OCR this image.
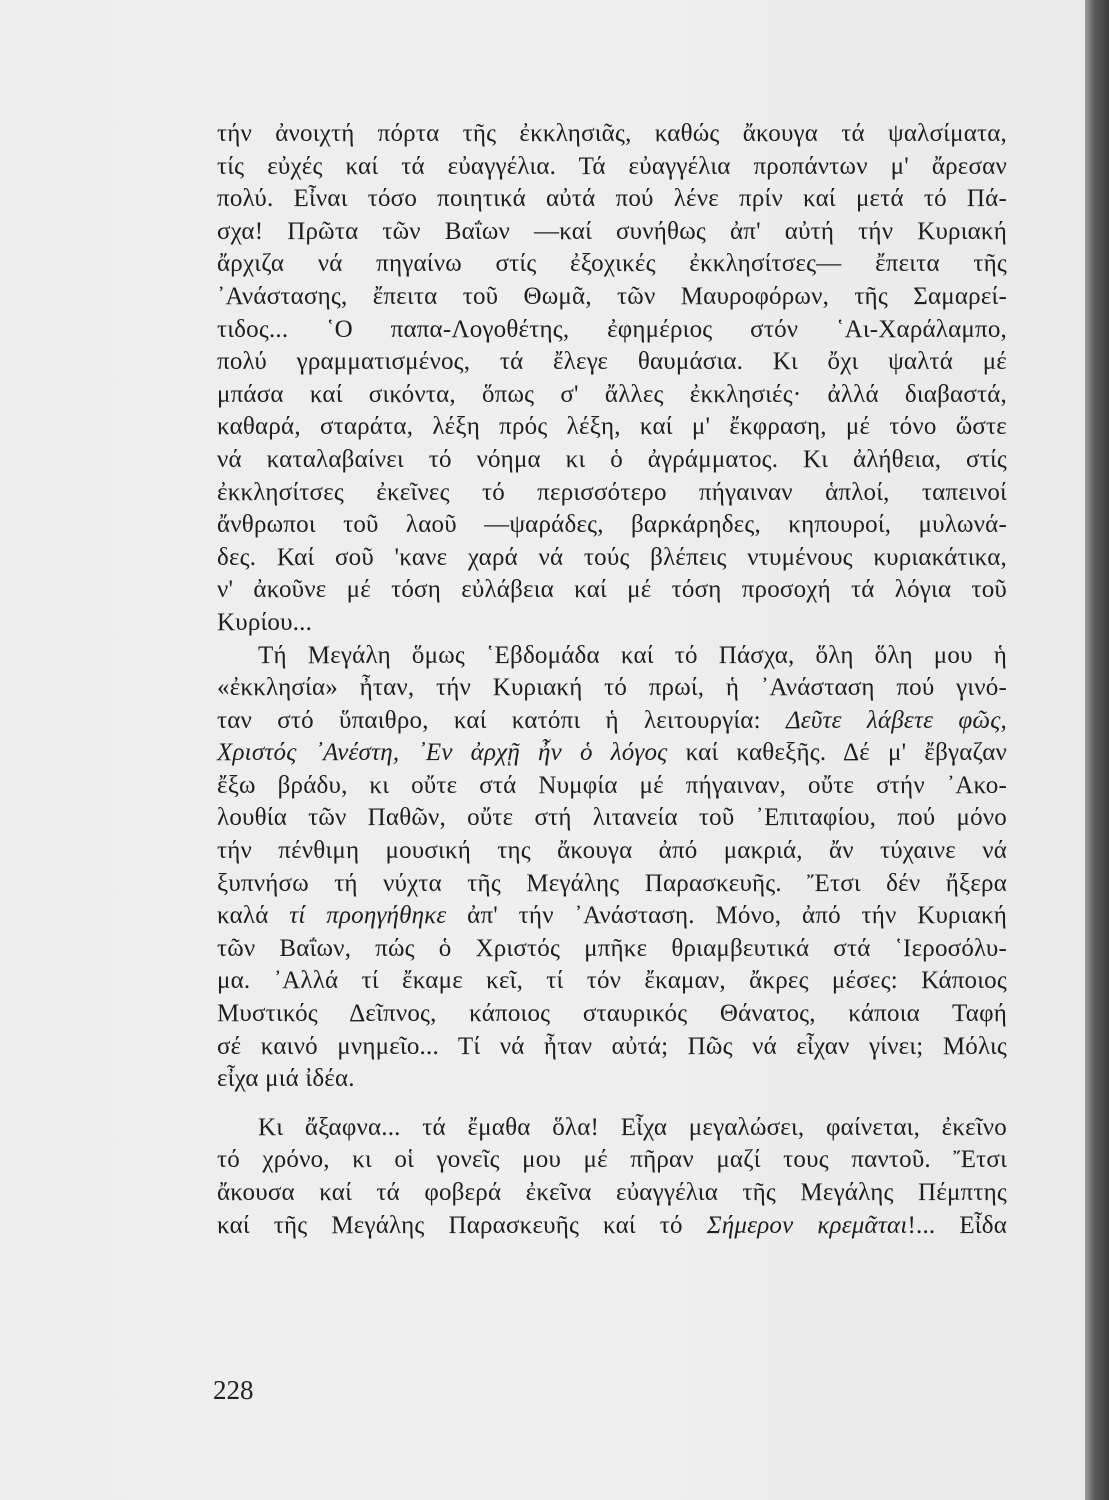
τήν ἀνοιχτή πόρτα τῆς ἐκκλησιᾶς, καθώς ἄκουγα τά ψαλσίματα,
τίς εὐχές καί τά εὐαγγέλια. Τά εὐαγγέλια προπάντων μ' ἄρεσαν
πολύ. Εἶναι τόσο ποιητικά αὐτά πού λένε πρίν καί μετά τό Πά-
σχα! Πρῶτα τῶν Βαΐων —καί συνήθως ἀπ' αὐτή τήν Κυριακή
ἄρχιζα νά πηγαίνω στίς ἐξοχικές ἐκκλησίτσες— ἔπειτα τῆς
᾽Ανάστασης, ἔπειτα τοῦ Θωμᾶ, τῶν Μαυροφόρων, τῆς Σαμαρεί-
τιδος... ῾Ο παπα-Λογοθέτης, ἐφημέριος στόν ῾Αι-Χαράλαμπο,
πολύ γραμματισμένος, τά ἔλεγε θαυμάσια. Κι ὄχι ψαλτά μέ
μπάσα καί σικόντα, ὅπως σ' ἄλλες ἐκκλησιές· ἀλλά διαβαστά,
καθαρά, σταράτα, λέξη πρός λέξη, καί μ' ἔκφραση, μέ τόνο ὥστε
νά καταλαβαίνει τό νόημα κι ὁ ἀγράμματος. Κι ἀλήθεια, στίς
ἐκκλησίτσες ἐκεῖνες τό περισσότερο πήγαιναν ἁπλοί, ταπεινοί
ἄνθρωποι τοῦ λαοῦ —ψαράδες, βαρκάρηδες, κηπουροί, μυλωνά-
δες. Καί σοῦ 'κανε χαρά νά τούς βλέπεις ντυμένους κυριακάτικα,
ν' ἀκοῦνε μέ τόση εὐλάβεια καί μέ τόση προσοχή τά λόγια τοῦ
Κυρίου...
Τή Μεγάλη ὅμως ῾Εβδομάδα καί τό Πάσχα, ὅλη ὅλη μου ἡ
«ἐκκλησία» ἦταν, τήν Κυριακή τό πρωί, ἡ ᾽Ανάσταση πού γινό-
ταν στό ὕπαιθρο, καί κατόπι ἡ λειτουργία: Δεῦτε λάβετε φῶς,
Χριστός ᾽Ανέστη, ᾽Εν ἀρχῇ ἦν ὁ λόγος καί καθεξῆς. Δέ μ' ἔβγαζαν
ἔξω βράδυ, κι οὔτε στά Νυμφία μέ πήγαιναν, οὔτε στήν ᾽Ακο-
λουθία τῶν Παθῶν, οὔτε στή λιτανεία τοῦ ᾽Επιταφίου, πού μόνο
τήν πένθιμη μουσική της ἄκουγα ἀπό μακριά, ἄν τύχαινε νά
ξυπνήσω τή νύχτα τῆς Μεγάλης Παρασκευῆς. Ἔτσι δέν ἤξερα
καλά τί προηγήθηκε ἀπ' τήν ᾽Ανάσταση. Μόνο, ἀπό τήν Κυριακή
τῶν Βαΐων, πώς ὁ Χριστός μπῆκε θριαμβευτικά στά ῾Ιεροσόλυ-
μα. ᾽Αλλά τί ἔκαμε κεῖ, τί τόν ἔκαμαν, ἄκρες μέσες: Κάποιος
Μυστικός Δεῖπνος, κάποιος σταυρικός Θάνατος, κάποια Ταφή
σέ καινό μνημεῖο... Τί νά ἦταν αὐτά; Πῶς νά εἶχαν γίνει; Μόλις
εἶχα μιά ἰδέα.
Κι ἄξαφνα... τά ἔμαθα ὅλα! Εἶχα μεγαλώσει, φαίνεται, ἐκεῖνο
τό χρόνο, κι οἱ γονεῖς μου μέ πῆραν μαζί τους παντοῦ. Ἔτσι
ἄκουσα καί τά φοβερά ἐκεῖνα εὐαγγέλια τῆς Μεγάλης Πέμπτης
καί τῆς Μεγάλης Παρασκευῆς καί τό Σήμερον κρεμᾶται!... Εἶδα
228
